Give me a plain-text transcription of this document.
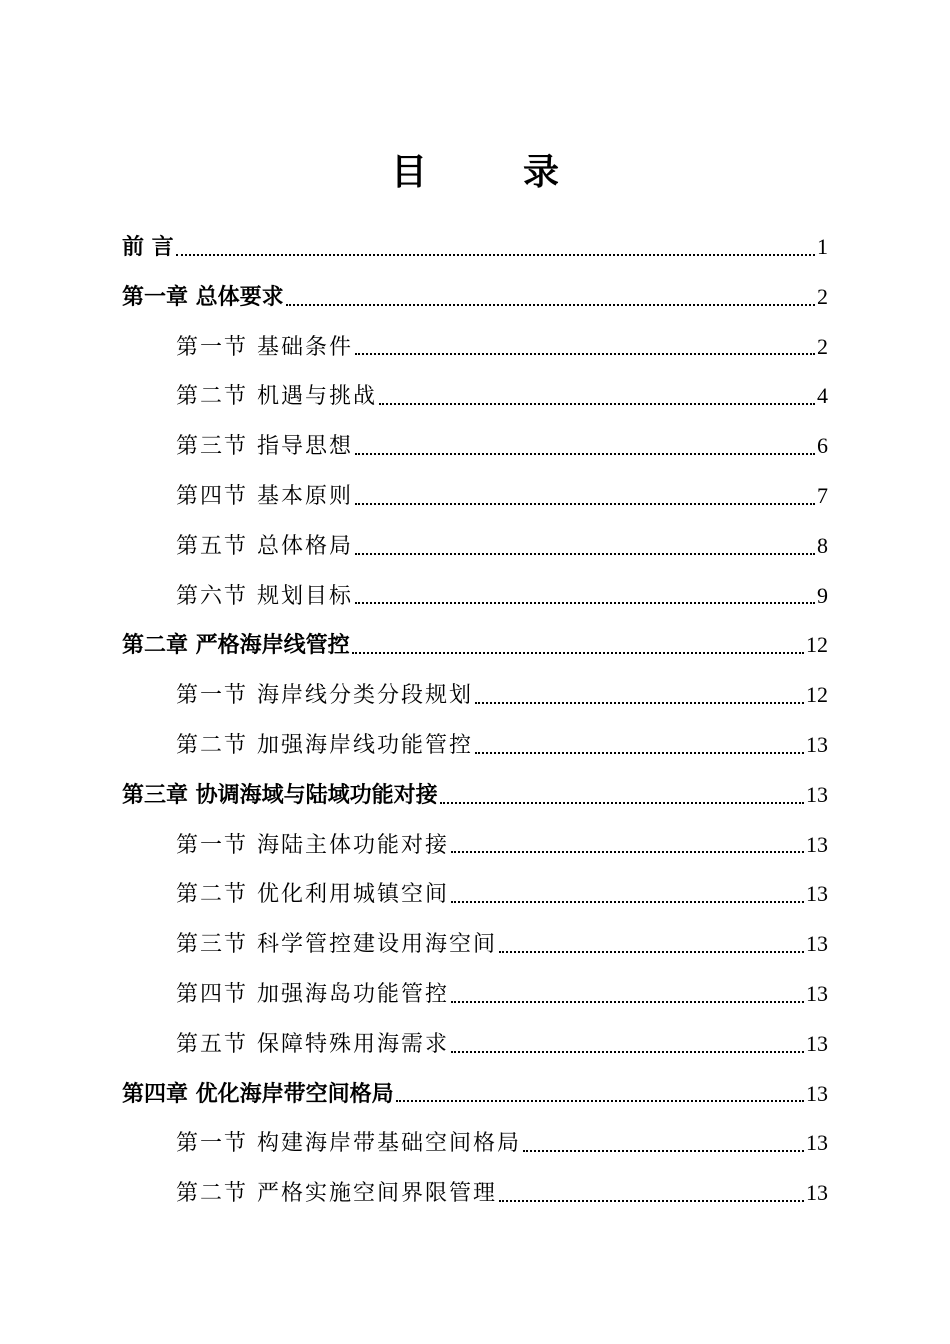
目　录
前 言	1
第一章 总体要求	2
第一节 基础条件	2
第二节 机遇与挑战	4
第三节 指导思想	6
第四节 基本原则	7
第五节 总体格局	8
第六节 规划目标	9
第二章 严格海岸线管控	12
第一节 海岸线分类分段规划	12
第二节 加强海岸线功能管控	13
第三章 协调海域与陆域功能对接	13
第一节 海陆主体功能对接	13
第二节 优化利用城镇空间	13
第三节 科学管控建设用海空间	13
第四节 加强海岛功能管控	13
第五节 保障特殊用海需求	13
第四章 优化海岸带空间格局	13
第一节 构建海岸带基础空间格局	13
第二节 严格实施空间界限管理	13
